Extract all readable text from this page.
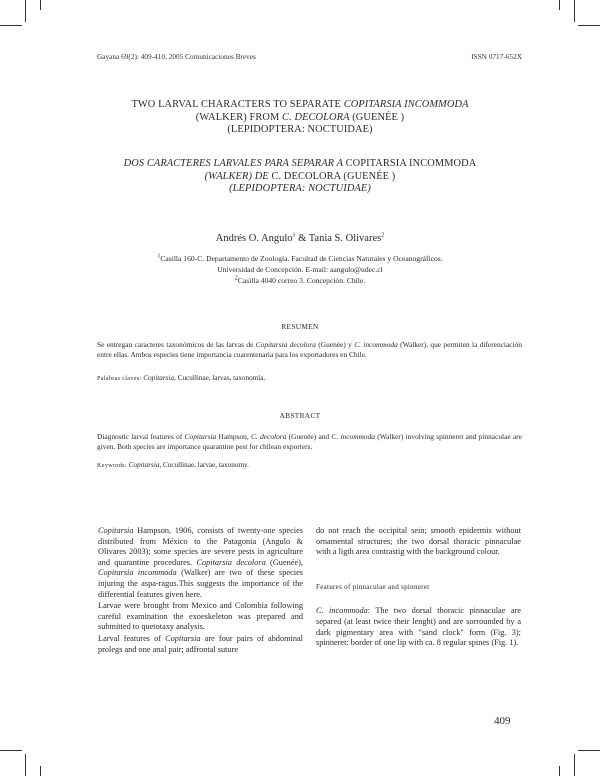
Gayana 69(2): 409-410, 2005 Comunicaciones Breves	ISSN 0717-652X
TWO LARVAL CHARACTERS TO SEPARATE COPITARSIA INCOMMODA
(WALKER) FROM C. DECOLORA (GUENÉE )
(LEPIDOPTERA: NOCTUIDAE)
DOS CARACTERES LARVALES PARA SEPARAR A COPITARSIA INCOMMODA
(WALKER) DE C. DECOLORA (GUENÉE )
(LEPIDOPTERA: NOCTUIDAE)
Andrés O. Angulo$^1$ & Tania S. Olivares$^2$
$^1$Casilla 160-C. Departamento de Zoología. Facultad de Ciencias Naturales y Oceanográficos.
Universidad de Concepción. E-mail: aangulo@udec.cl
$^2$Casilla 4040 correo 3. Concepción. Chile.
RESUMEN
Se entregan caracteres taxonómicos de las larvas de Copitarsia decolora (Guenée) y C. incommoda (Walker), que permiten la diferenciación entre ellas. Ambos especies tiene importancia cuarentenaria para los exportadores en Chile.
Palabras claves: Copitarsia, Cucullinae, larvas, taxonomía.
ABSTRACT
Diagnostic larval features of Copitarsia Hampson, C. decolora (Guenée) and C. incommoda (Walker) involving spinneret and pinnaculae are given. Both species are importance quarantine pest for chilean exporters.
Keywords: Copitarsia, Cucullinae, larvae, taxonomy.

Copitarsia Hampson, 1906, consists of twenty-one species distributed from México to the Patagonia (Angulo & Olivares 2003); some species are severe pests in agriculture and quarantine procedures. Copitarsia decolora (Guenée), Copitarsia incommoda (Walker) are two of these species injuring the aspa-ragus.This suggests the importance of the differential features given here.

Larvae were brought from Mexico and Colombia following careful examination the exoeskeleton was prepared and submitted to quetotaxy analysis.

Larval features of Copitarsia are four pairs of abdominal prolegs and one anal pair; adfrontal suture

do not reach the occipital sein; smooth epidermis without ornamental structures; the two dorsal thoracic pinnaculae with a ligth area contrastig with the background colour.

Features of pinnaculae and spinneret

C. incommoda: The two dorsal thoracic pinnaculae are separed (at least twice their lenght) and are sorrounded by a dark pigmentary area with "sand clock" form (Fig. 3); spinneret: border of one lip with ca. 8 regular spines (Fig. 1).

409
